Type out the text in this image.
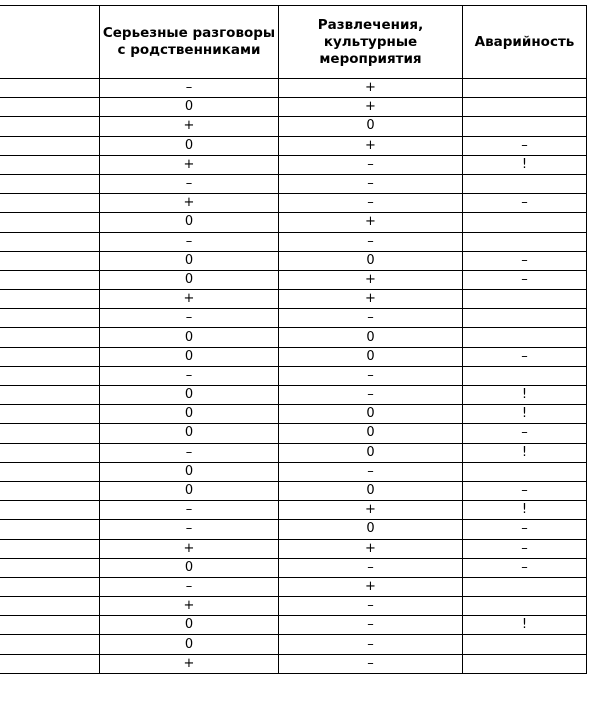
	Серьезные разговоры с родственниками	Развлечения, культурные мероприятия	Аварийность
	–	+	
	0	+	
	+	0	
	0	+	–
	+	–	!
	–	–	
	+	–	–
	0	+	
	–	–	
	0	0	–
	0	+	–
	+	+	
	–	–	
	0	0	
	0	0	–
	–	–	
	0	–	!
	0	0	!
	0	0	–
	–	0	!
	0	–	
	0	0	–
	–	+	!
	–	0	–
	+	+	–
	0	–	–
	–	+	
	+	–	
	0	–	!
	0	–	
	+	–	
